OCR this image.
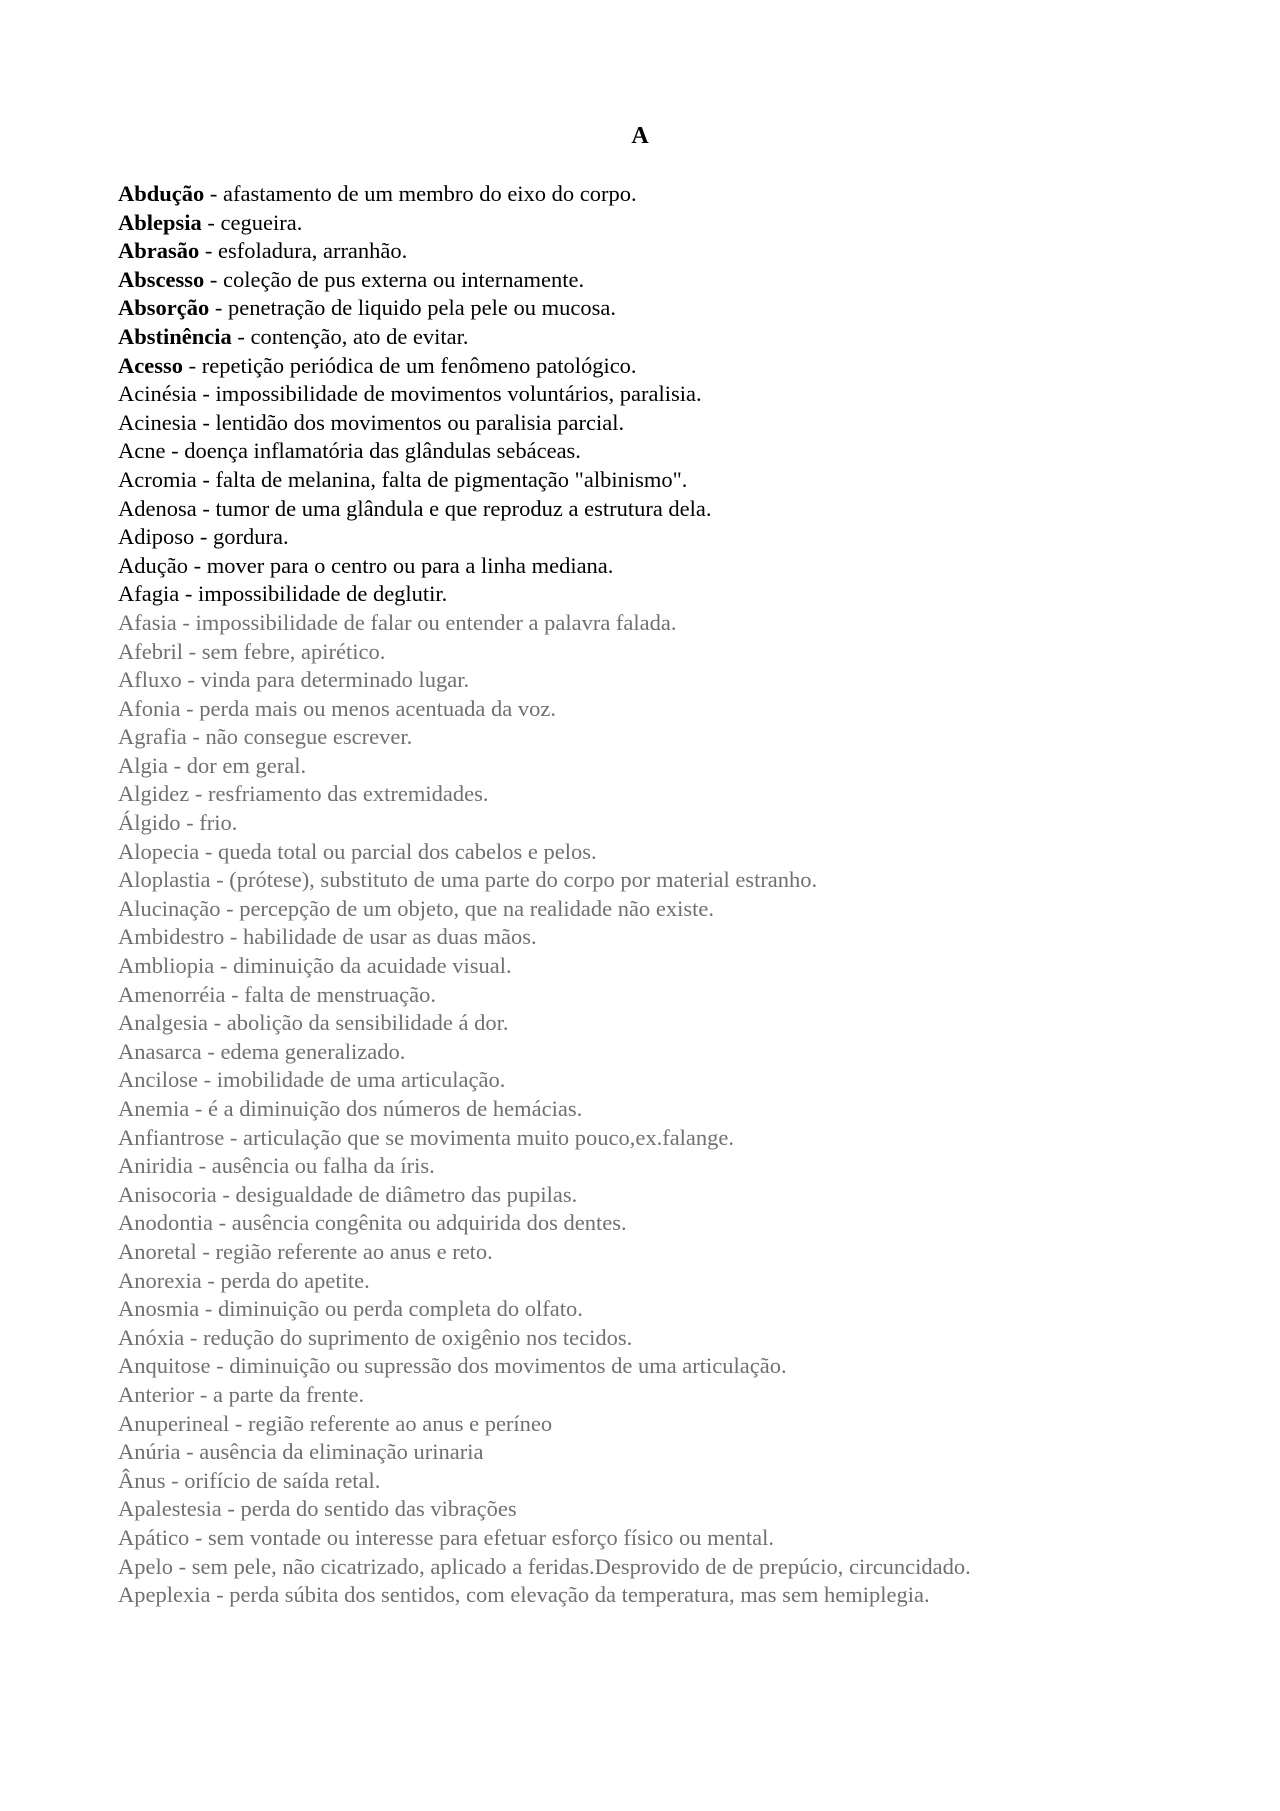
A
Abdução - afastamento de um membro do eixo do corpo.
Ablepsia - cegueira.
Abrasão - esfoladura, arranhão.
Abscesso - coleção de pus externa ou internamente.
Absorção - penetração de liquido pela pele ou mucosa.
Abstinência - contenção, ato de evitar.
Acesso - repetição periódica de um fenômeno patológico.
Acinésia - impossibilidade de movimentos voluntários, paralisia.
Acinesia - lentidão dos movimentos ou paralisia parcial.
Acne - doença inflamatória das glândulas sebáceas.
Acromia - falta de melanina, falta de pigmentação "albinismo".
Adenosa - tumor de uma glândula e que reproduz a estrutura dela.
Adiposo - gordura.
Adução - mover para o centro ou para a linha mediana.
Afagia - impossibilidade de deglutir.
Afasia - impossibilidade de falar ou entender a palavra falada.
Afebril - sem febre, apirético.
Afluxo - vinda para determinado lugar.
Afonia - perda mais ou menos acentuada da voz.
Agrafia - não consegue escrever.
Algia - dor em geral.
Algidez - resfriamento das extremidades.
Álgido - frio.
Alopecia - queda total ou parcial dos cabelos e pelos.
Aloplastia - (prótese), substituto de uma parte do corpo por material estranho.
Alucinação - percepção de um objeto, que na realidade não existe.
Ambidestro - habilidade de usar as duas mãos.
Ambliopia - diminuição da acuidade visual.
Amenorréia - falta de menstruação.
Analgesia - abolição da sensibilidade á dor.
Anasarca - edema generalizado.
Ancilose - imobilidade de uma articulação.
Anemia - é a diminuição dos números de hemácias.
Anfiantrose - articulação que se movimenta muito pouco,ex.falange.
Aniridia - ausência ou falha da íris.
Anisocoria - desigualdade de diâmetro das pupilas.
Anodontia - ausência congênita ou adquirida dos dentes.
Anoretal - região referente ao anus e reto.
Anorexia - perda do apetite.
Anosmia - diminuição ou perda completa do olfato.
Anóxia - redução do suprimento de oxigênio nos tecidos.
Anquitose - diminuição ou supressão dos movimentos de uma articulação.
Anterior - a parte da frente.
Anuperineal - região referente ao anus e períneo
Anúria - ausência da eliminação urinaria
Ânus - orifício de saída retal.
Apalestesia - perda do sentido das vibrações
Apático - sem vontade ou interesse para efetuar esforço físico ou mental.
Apelo - sem pele, não cicatrizado, aplicado a feridas.Desprovido de de prepúcio, circuncidado.
Apeplexia - perda súbita dos sentidos, com elevação da temperatura, mas sem hemiplegia.
